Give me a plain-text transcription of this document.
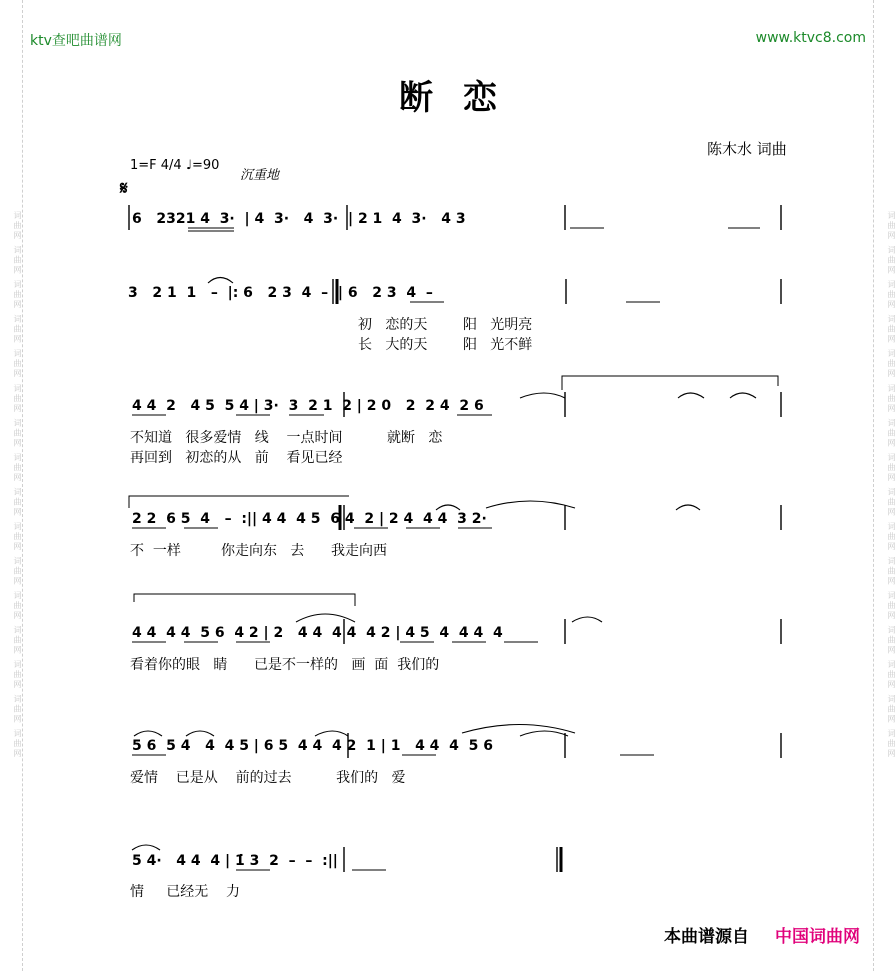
词曲网 词曲网 词曲网 词曲网 词曲网 词曲网 词曲网 词曲网 词曲网 词曲网 词曲网 词曲网 词曲网 词曲网 词曲网 词曲网	词曲网 词曲网 词曲网 词曲网 词曲网 词曲网 词曲网 词曲网 词曲网 词曲网 词曲网 词曲网 词曲网 词曲网 词曲网 词曲网
ktv查吧曲谱网	www.ktvc8.com
断恋
陈木水 词曲
1=F 4/4 ♩=90
沉重地
𝄋
6   2321 4  3·  | 4  3·   4  3·  | 2 1  4  3·   4 3
3   2 1  1   –  |: 6   2 3  4  –  | 6   2 3  4  –
初   恋的天        阳   光明亮
长   大的天        阳   光不鲜
4 4  2   4 5  5 4 | 3·  3  2 1  2 | 2 0   2  2 4  2 6
不知道   很多爱情   线    一点时间          就断   恋
再回到   初恋的从   前    看见已经
2 2  6 5  4   –  :|| 4 4  4 5  6 4  2 | 2 4  4 4  3 2·
不  一样         你走向东   去      我走向西
4 4  4 4  5 6  4 2 | 2   4 4  4 4  4 2 | 4 5  4  4 4  4
看着你的眼   睛      已是不一样的   画  面  我们的
5 6  5 4   4  4 5 | 6 5  4 4  4 2  1 | 1   4 4  4  5 6
爱情    已是从    前的过去          我们的   爱
5 4·   4 4  4 | 1̇ 3  2  –  –  :||
情     已经无    力
本曲谱源自 中国词曲网
